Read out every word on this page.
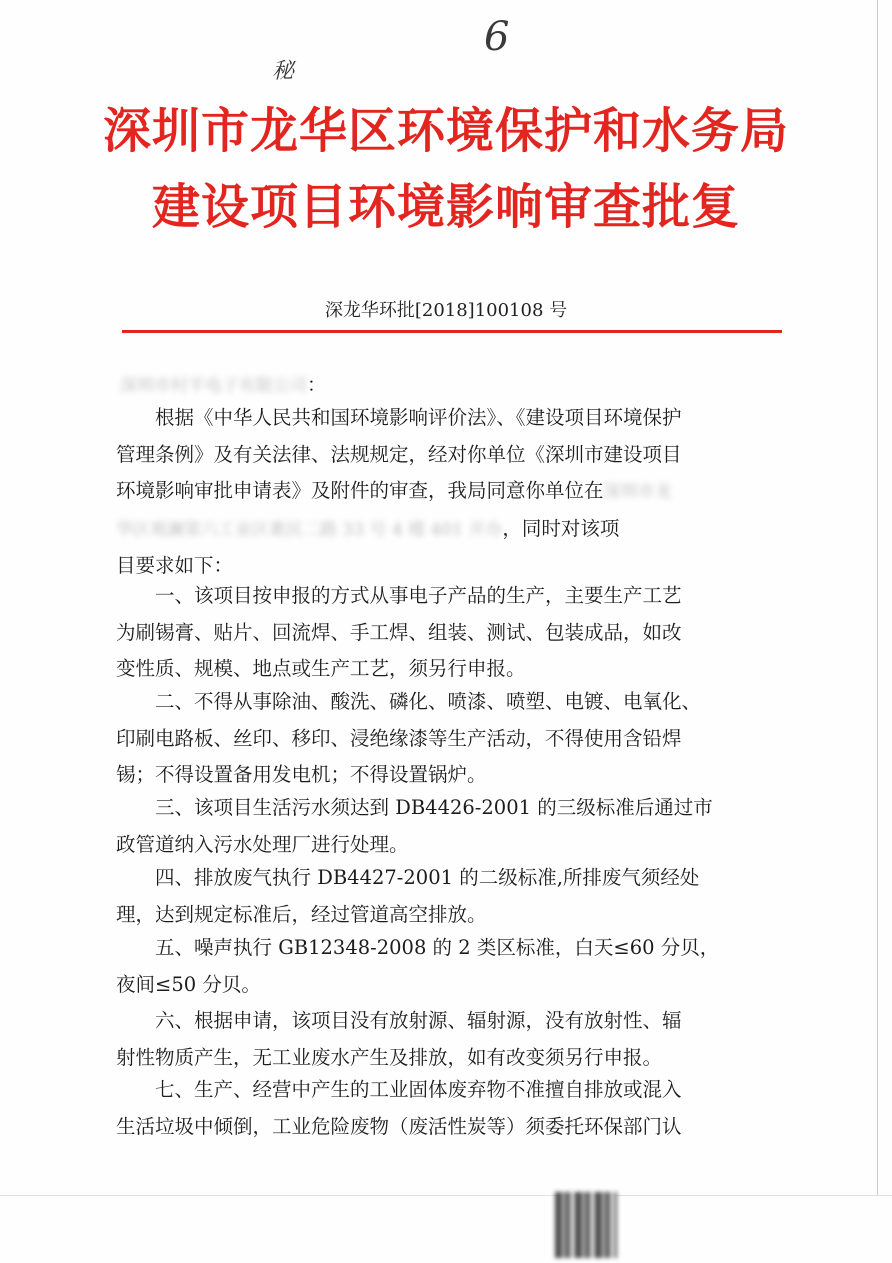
秘
6
深圳市龙华区环境保护和水务局
建设项目环境影响审查批复
深龙华环批[2018]100108 号
深圳市村半电子有限公司：
根据《中华人民共和国环境影响评价法》、《建设项目环境保护
管理条例》及有关法律、法规规定，经对你单位《深圳市建设项目
环境影响审批申请表》及附件的审查，我局同意你单位在深圳市龙
华区观澜第六工业区裹民二路 33 号 4 楼 401 开办，同时对该项
目要求如下：
一、该项目按申报的方式从事电子产品的生产，主要生产工艺
为刷锡膏、贴片、回流焊、手工焊、组装、测试、包装成品，如改
变性质、规模、地点或生产工艺，须另行申报。
二、不得从事除油、酸洗、磷化、喷漆、喷塑、电镀、电氧化、
印刷电路板、丝印、移印、浸绝缘漆等生产活动，不得使用含铅焊
锡；不得设置备用发电机；不得设置锅炉。
三、该项目生活污水须达到 DB4426-2001 的三级标准后通过市
政管道纳入污水处理厂进行处理。
四、排放废气执行 DB4427-2001 的二级标准,所排废气须经处
理，达到规定标准后，经过管道高空排放。
五、噪声执行 GB12348-2008 的 2 类区标准，白天≤60 分贝，
夜间≤50 分贝。
六、根据申请，该项目没有放射源、辐射源，没有放射性、辐
射性物质产生，无工业废水产生及排放，如有改变须另行申报。
七、生产、经营中产生的工业固体废弃物不准擅自排放或混入
生活垃圾中倾倒，工业危险废物（废活性炭等）须委托环保部门认
